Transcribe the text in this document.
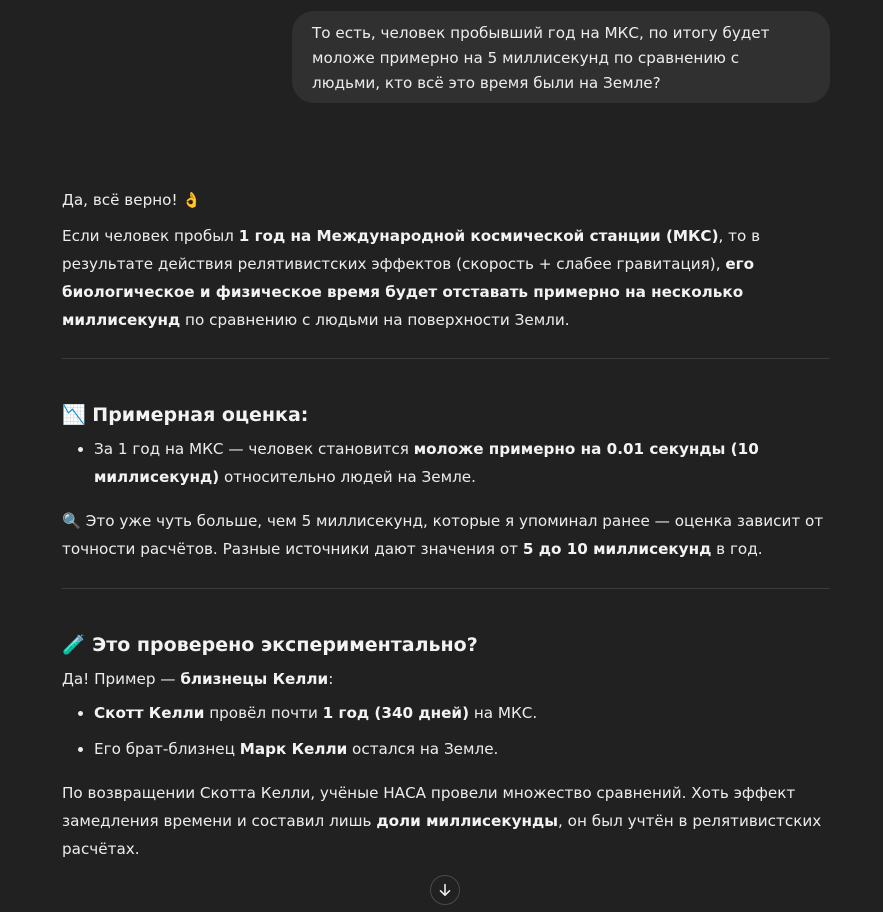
То есть, человек пробывший год на МКС, по итогу будет моложе примерно на 5 миллисекунд по сравнению с людьми, кто всё это время были на Земле?

Да, всё верно! 👌

Если человек пробыл 1 год на Международной космической станции (МКС), то в результате действия релятивистских эффектов (скорость + слабее гравитация), его биологическое и физическое время будет отставать примерно на несколько миллисекунд по сравнению с людьми на поверхности Земли.

📉 Примерная оценка:
• За 1 год на МКС — человек становится моложе примерно на 0.01 секунды (10 миллисекунд) относительно людей на Земле.

🔍 Это уже чуть больше, чем 5 миллисекунд, которые я упоминал ранее — оценка зависит от точности расчётов. Разные источники дают значения от 5 до 10 миллисекунд в год.

🧪 Это проверено экспериментально?

Да! Пример — близнецы Келли:

• Скотт Келли провёл почти 1 год (340 дней) на МКС.
• Его брат-близнец Марк Келли остался на Земле.

По возвращении Скотта Келли, учёные НАСА провели множество сравнений. Хоть эффект замедления времени и составил лишь доли миллисекунды, он был учтён в релятивистских расчётах.
